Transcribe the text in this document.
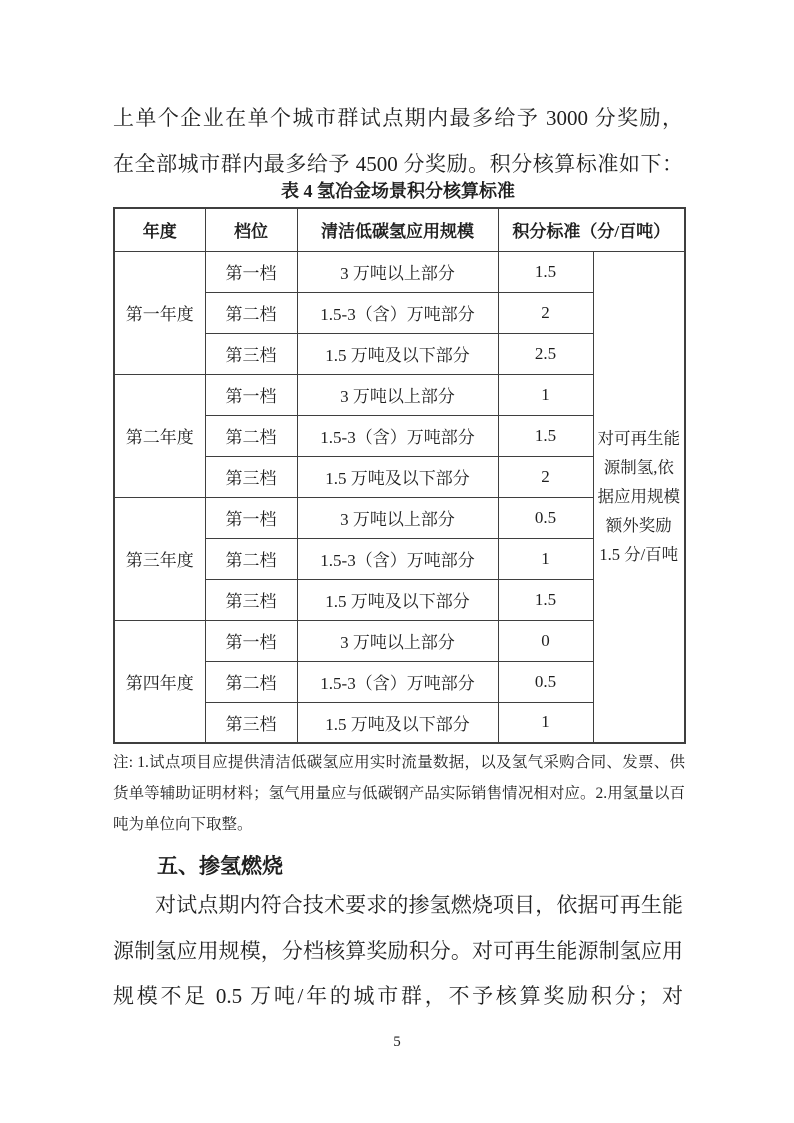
上单个企业在单个城市群试点期内最多给予 3000 分奖励，
在全部城市群内最多给予 4500 分奖励。积分核算标准如下：
表 4 氢冶金场景积分核算标准
年度	档位	清洁低碳氢应用规模	积分标准（分/百吨）	
第一年度	第一档	3 万吨以上部分	1.5	对可再生能源制氢,依据应用规模额外奖励 1.5 分/百吨
	第二档	1.5-3（含）万吨部分	2	
	第三档	1.5 万吨及以下部分	2.5	
第二年度	第一档	3 万吨以上部分	1	
	第二档	1.5-3（含）万吨部分	1.5	
	第三档	1.5 万吨及以下部分	2	
第三年度	第一档	3 万吨以上部分	0.5	
	第二档	1.5-3（含）万吨部分	1	
	第三档	1.5 万吨及以下部分	1.5	
第四年度	第一档	3 万吨以上部分	0	
	第二档	1.5-3（含）万吨部分	0.5	
	第三档	1.5 万吨及以下部分	1	
注: 1.试点项目应提供清洁低碳氢应用实时流量数据，以及氢气采购合同、发票、供货单等辅助证明材料；氢气用量应与低碳钢产品实际销售情况相对应。2.用氢量以百吨为单位向下取整。
五、掺氢燃烧
对试点期内符合技术要求的掺氢燃烧项目，依据可再生能源制氢应用规模，分档核算奖励积分。对可再生能源制氢应用规模不足 0.5 万吨/年的城市群，不予核算奖励积分；对
5
